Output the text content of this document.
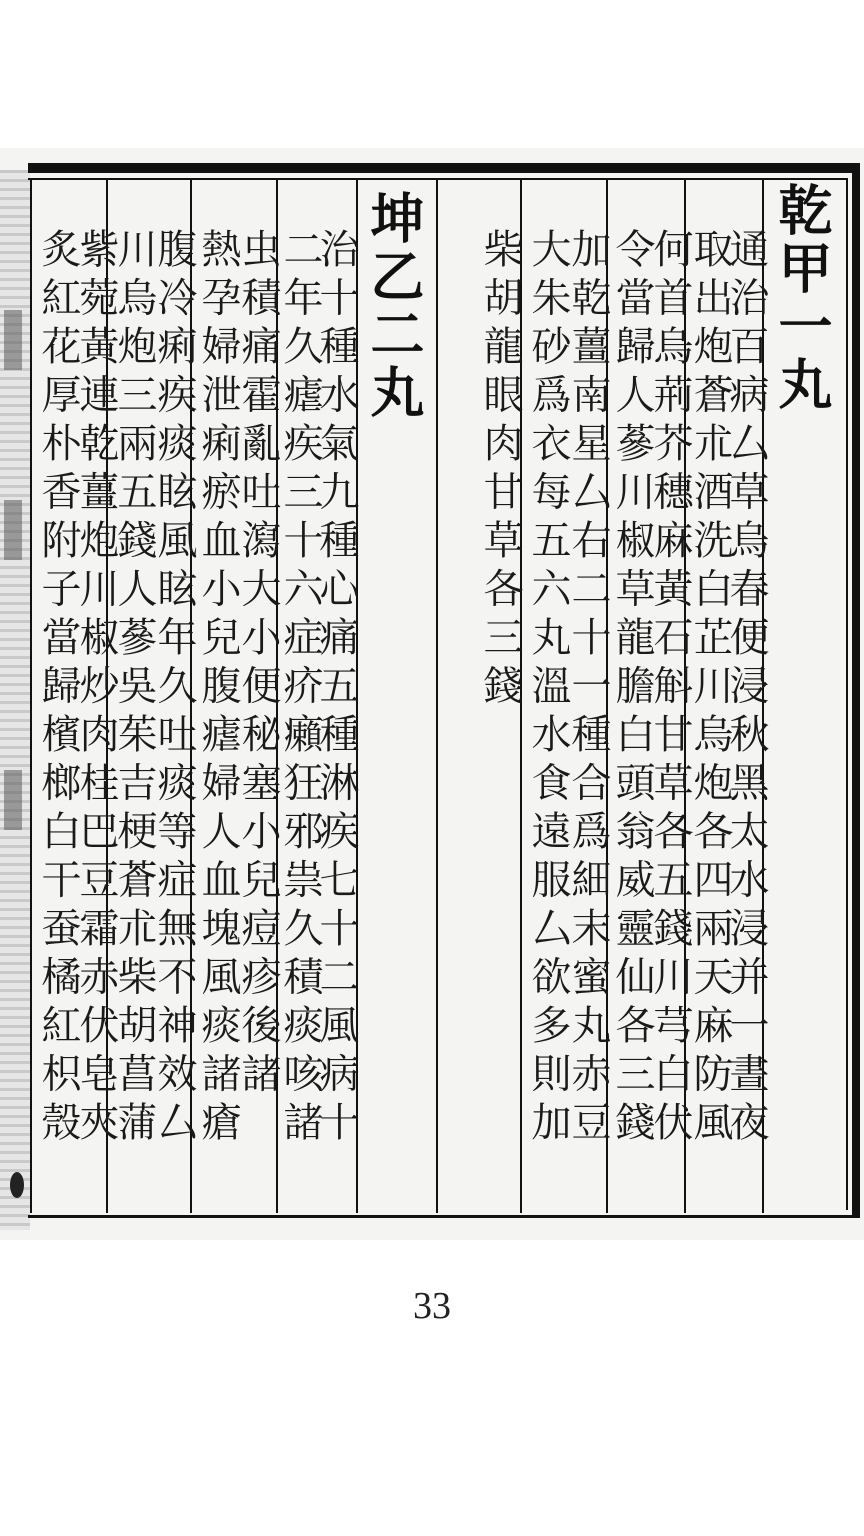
乾甲一丸
通治百病厶草烏春便浸秋黑太水浸并一晝夜
取出炮蒼朮酒洗白芷川烏炮各四兩天麻防風
何首烏荊芥穗麻黃石斛甘草各五錢川芎白伏
令當歸人蔘川椒草龍膽白頭翁威靈仙各三錢
加乾薑南星厶右二十一種合爲細末蜜丸赤豆
大朱砂爲衣每五六丸溫水食遠服厶欲多則加
柴胡龍眼肉甘草各三錢
坤乙二丸
治十種水氣九種心痛五種淋疾七十二風病十
二年久瘧疾三十六症疥癩狂邪祟久積痰咳諸
虫積痛霍亂吐瀉大小便秘塞小兒痘疹後諸
熱孕婦泄痢瘀血小兒腹瘧婦人血塊風痰諸瘡
腹冷痢疾痰眩風眩年久吐痰等症無不神效厶
川烏炮三兩五錢人蔘吳茱吉梗蒼朮柴胡菖蒲
紫菀黃連乾薑炮川椒炒肉桂巴豆霜赤伏皂夾
炙紅花厚朴香附子當歸檳榔白干蚕橘紅枳殼
33
